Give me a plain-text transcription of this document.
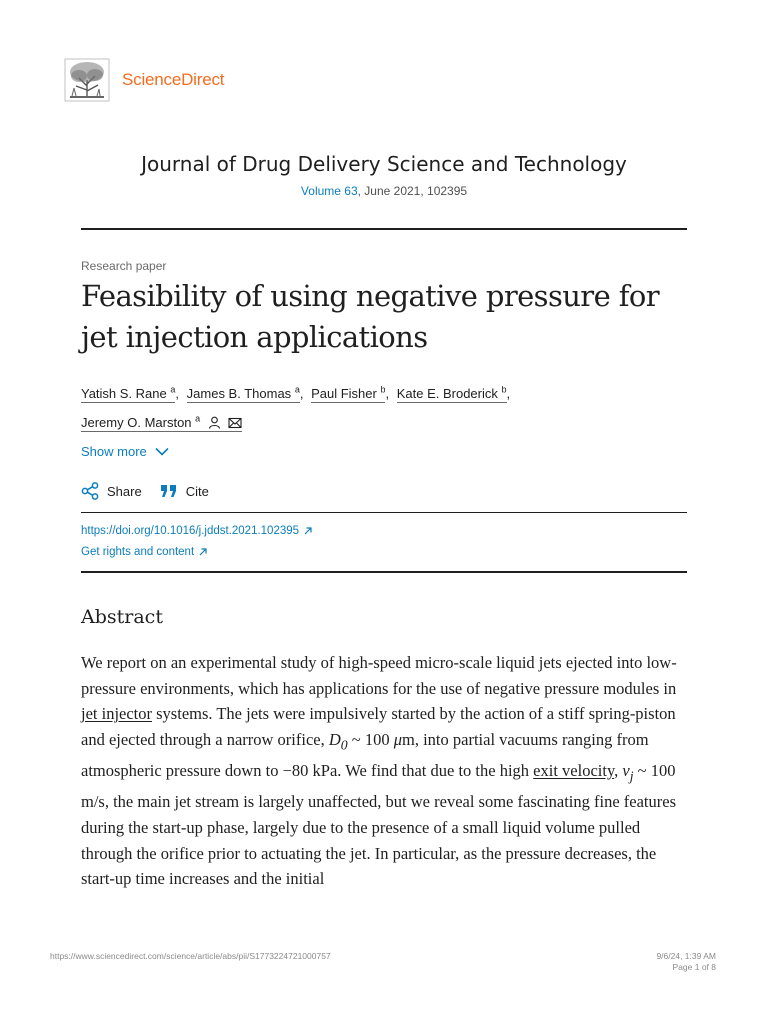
ScienceDirect
Journal of Drug Delivery Science and Technology
Volume 63, June 2021, 102395
Research paper
Feasibility of using negative pressure for jet injection applications
Yatish S. Rane $^a$, James B. Thomas $^a$, Paul Fisher $^b$, Kate E. Broderick $^b$,
Jeremy O. Marston $^a$
Show more
Share	Cite
https://doi.org/10.1016/j.jddst.2021.102395
Get rights and content
Abstract

We report on an experimental study of high-speed micro-scale liquid jets ejected into low-pressure environments, which has applications for the use of negative pressure modules in jet injector systems. The jets were impulsively started by the action of a stiff spring-piston and ejected through a narrow orifice, $D_0$ ~ 100 μm, into partial vacuums ranging from atmospheric pressure down to −80 kPa. We find that due to the high exit velocity, $v_j$ ~ 100 m/s, the main jet stream is largely unaffected, but we reveal some fascinating fine features during the start-up phase, largely due to the presence of a small liquid volume pulled through the orifice prior to actuating the jet. In particular, as the pressure decreases, the start-up time increases and the initial

https://www.sciencedirect.com/science/article/abs/pii/S1773224721000757	9/6/24, 1:39 AM
Page 1 of 8
